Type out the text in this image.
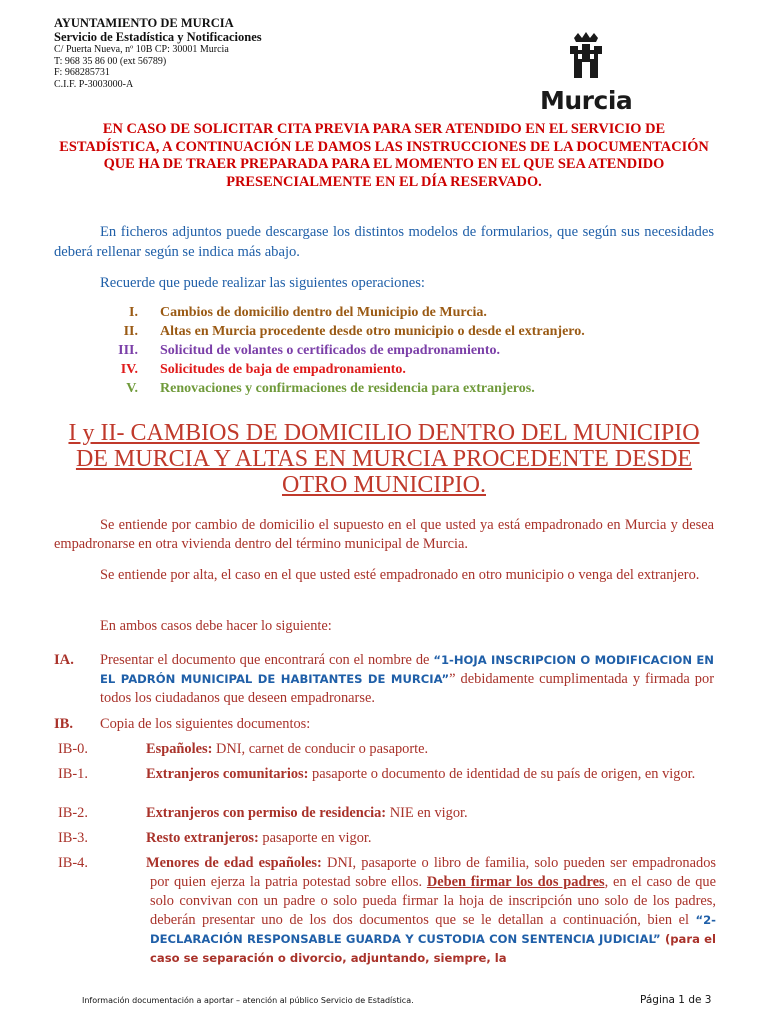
AYUNTAMIENTO DE MURCIA
Servicio de Estadística y Notificaciones
C/ Puerta Nueva, nº 10B CP: 30001 Murcia
T: 968 35 86 00 (ext 56789)
F: 968285731
C.I.F. P-3003000-A
Murcia
EN CASO DE SOLICITAR CITA PREVIA PARA SER ATENDIDO EN EL SERVICIO DE ESTADÍSTICA, A CONTINUACIÓN LE DAMOS LAS INSTRUCCIONES DE LA DOCUMENTACIÓN QUE HA DE TRAER PREPARADA PARA EL MOMENTO EN EL QUE SEA ATENDIDO PRESENCIALMENTE EN EL DÍA RESERVADO.
En ficheros adjuntos puede descargase los distintos modelos de formularios, que según sus necesidades deberá rellenar según se indica más abajo.
Recuerde que puede realizar las siguientes operaciones:
I.	Cambios de domicilio dentro del Municipio de Murcia.
II.	Altas en Murcia procedente desde otro municipio o desde el extranjero.
III.	Solicitud de volantes o certificados de empadronamiento.
IV.	Solicitudes de baja de empadronamiento.
V.	Renovaciones y confirmaciones de residencia para extranjeros.
I y II- CAMBIOS DE DOMICILIO DENTRO DEL MUNICIPIO DE MURCIA Y ALTAS EN MURCIA PROCEDENTE DESDE OTRO MUNICIPIO.
Se entiende por cambio de domicilio el supuesto en el que usted ya está empadronado en Murcia y desea empadronarse en otra vivienda dentro del término municipal de Murcia.
Se entiende por alta, el caso en el que usted esté empadronado en otro municipio o venga del extranjero.
En ambos casos debe hacer lo siguiente:
IA. Presentar el documento que encontrará con el nombre de “1-HOJA INSCRIPCION O MODIFICACION EN EL PADRÓN MUNICIPAL DE HABITANTES DE MURCIA”” debidamente cumplimentada y firmada por todos los ciudadanos que deseen empadronarse.
IB. Copia de los siguientes documentos:
IB-0.	Españoles: DNI, carnet de conducir o pasaporte.
IB-1.	Extranjeros comunitarios: pasaporte o documento de identidad de su país de origen, en vigor.
IB-2.	Extranjeros con permiso de residencia: NIE en vigor.
IB-3.	Resto extranjeros: pasaporte en vigor.
IB-4.	Menores de edad españoles: DNI, pasaporte o libro de familia, solo pueden ser empadronados por quien ejerza la patria potestad sobre ellos. Deben firmar los dos padres, en el caso de que solo convivan con un padre o solo pueda firmar la hoja de inscripción uno solo de los padres, deberán presentar uno de los dos documentos que se le detallan a continuación, bien el “2-DECLARACIÓN RESPONSABLE GUARDA Y CUSTODIA CON SENTENCIA JUDICIAL” (para el caso se separación o divorcio, adjuntando, siempre, la
Información documentación a aportar – atención al público Servicio de Estadística.	Página 1 de 3
